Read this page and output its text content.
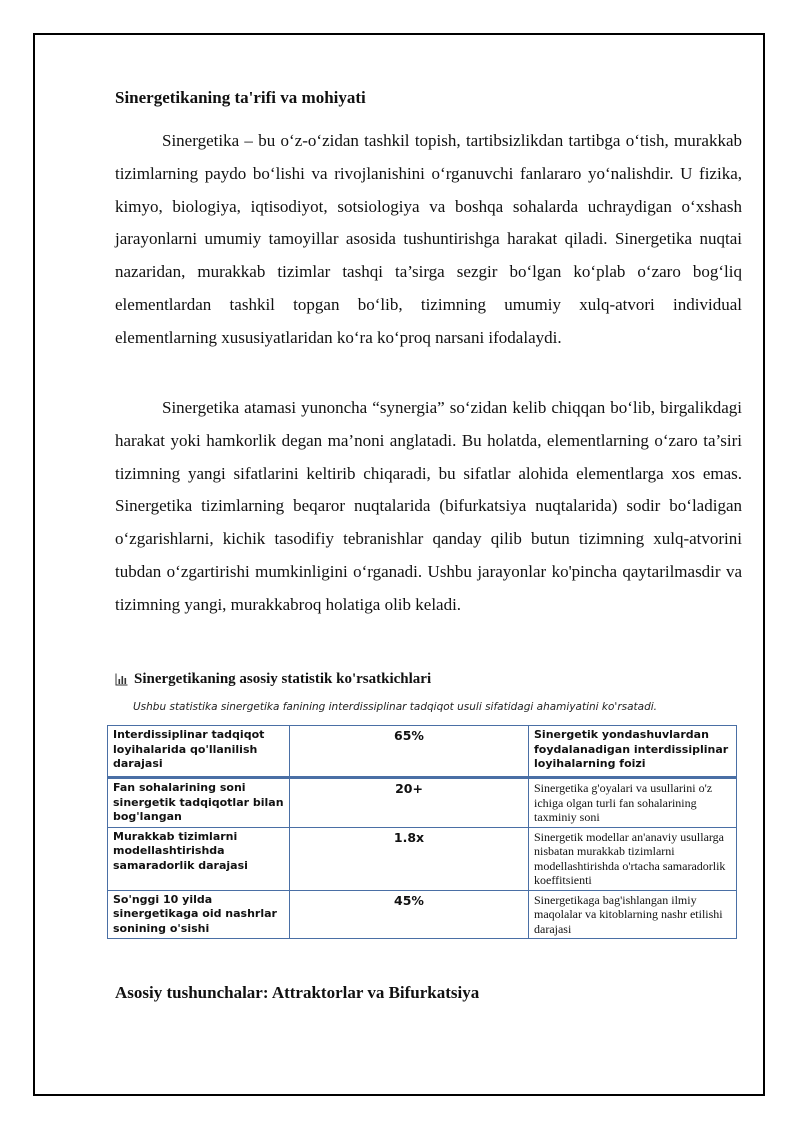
Sinergetikaning ta'rifi va mohiyati

Sinergetika – bu o‘z-o‘zidan tashkil topish, tartibsizlikdan tartibga o‘tish, murakkab tizimlarning paydo bo‘lishi va rivojlanishini o‘rganuvchi fanlararo yo‘nalishdir. U fizika, kimyo, biologiya, iqtisodiyot, sotsiologiya va boshqa sohalarda uchraydigan o‘xshash jarayonlarni umumiy tamoyillar asosida tushuntirishga harakat qiladi. Sinergetika nuqtai nazaridan, murakkab tizimlar tashqi ta’sirga sezgir bo‘lgan ko‘plab o‘zaro bog‘liq elementlardan tashkil topgan bo‘lib, tizimning umumiy xulq-atvori individual elementlarning xususiyatlaridan ko‘ra ko‘proq narsani ifodalaydi.

Sinergetika atamasi yunoncha “synergia” so‘zidan kelib chiqqan bo‘lib, birgalikdagi harakat yoki hamkorlik degan ma’noni anglatadi. Bu holatda, elementlarning o‘zaro ta’siri tizimning yangi sifatlarini keltirib chiqaradi, bu sifatlar alohida elementlarga xos emas. Sinergetika tizimlarning beqaror nuqtalarida (bifurkatsiya nuqtalarida) sodir bo‘ladigan o‘zgarishlarni, kichik tasodifiy tebranishlar qanday qilib butun tizimning xulq-atvorini tubdan o‘zgartirishi mumkinligini o‘rganadi. Ushbu jarayonlar ko'pincha qaytarilmasdir va tizimning yangi, murakkabroq holatiga olib keladi.

Sinergetikaning asosiy statistik ko'rsatkichlari

Ushbu statistika sinergetika fanining interdissiplinar tadqiqot usuli sifatidagi ahamiyatini ko'rsatadi.

Interdissiplinar tadqiqot loyihalarida qo'llanilish darajasi	65%	Sinergetik yondashuvlardan foydalanadigan interdissiplinar loyihalarning foizi
Fan sohalarining soni sinergetik tadqiqotlar bilan bog'langan	20+	Sinergetika g'oyalari va usullarini o'z ichiga olgan turli fan sohalarining taxminiy soni
Murakkab tizimlarni modellashtirishda samaradorlik darajasi	1.8x	Sinergetik modellar an'anaviy usullarga nisbatan murakkab tizimlarni modellashtirishda o'rtacha samaradorlik koeffitsienti
So'nggi 10 yilda sinergetikaga oid nashrlar sonining o'sishi	45%	Sinergetikaga bag'ishlangan ilmiy maqolalar va kitoblarning nashr etilishi darajasi
Asosiy tushunchalar: Attraktorlar va Bifurkatsiya
